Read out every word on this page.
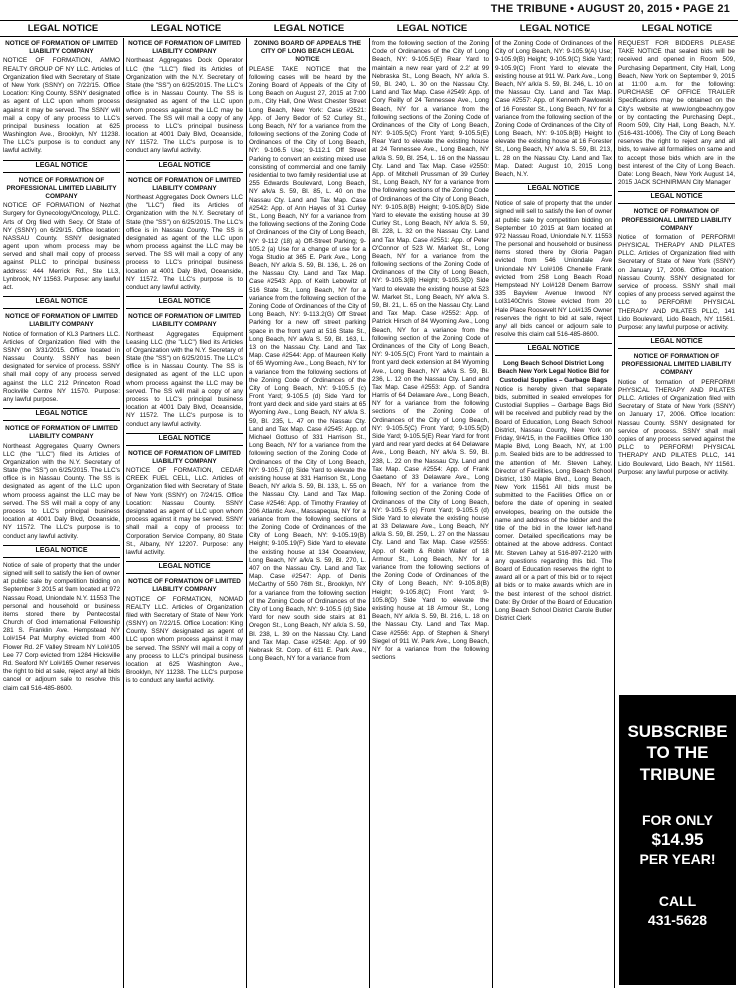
THE TRIBUNE • AUGUST 20, 2015 • PAGE 21
LEGAL NOTICE	LEGAL NOTICE	LEGAL NOTICE	LEGAL NOTICE	LEGAL NOTICE	LEGAL NOTICE
NOTICE OF FORMATION OF LIMITED LIABILITY COMPANY

NOTICE OF FORMATION, AMMO REALTY GROUP OF NY LLC. Articles of Organization filed with Secretary of State of New York (SSNY) on 7/22/15. Office Location: King County. SSNY designated as agent of LLC upon whom process against it may be served. The SSNY will mail a copy of any process to LLC's principal business location at 625 Washington Ave., Brooklyn, NY 11238. The LLC's purpose is to conduct any lawful activity.

LEGAL NOTICE
NOTICE OF FORMATION OF PROFESSIONAL LIMITED LIABILITY COMPANY

NOTICE OF FORMATION of Nezhat Surgery for Gynecology/Oncology, PLLC. Arts of Org filed with Secy. Of State of NY (SSNY) on 6/29/15. Office location: NASSAU County. SSNY designated agent upon whom process may be served and shall mail copy of process against PLLC to principal business address: 444 Merrick Rd., Ste LL3, Lynbrook, NY 11563. Purpose: any lawful act.

LEGAL NOTICE
NOTICE OF FORMATION OF LIMITED LIABILITY COMPANY

Notice of formation of KL3 Partners LLC. Articles of Organization filed with the SSNY on 3/31/2015. Office located in Nassau County. SSNY has been designated for service of process. SSNY shall mail copy of any process served against the LLC 212 Princeton Road Rockville Centre NY 11570. Purpose: any lawful purpose.

LEGAL NOTICE
NOTICE OF FORMATION OF LIMITED LIABILITY COMPANY

Northeast Aggregates Quarry Owners LLC (the "LLC") filed its Articles of Organization with the N.Y. Secretary of State (the "SS") on 6/25/2015. The LLC's office is in Nassau County. The SS is designated as agent of the LLC upon whom process against the LLC may be served. The SS will mail a copy of any process to LLC's principal business location at 4001 Daly Blvd, Oceanside, NY 11572. The LLC's purpose is to conduct any lawful activity.

LEGAL NOTICE

Notice of sale of property that the under signed will sell to satisfy the lien of owner at public sale by competition bidding on September 3 2015 at 9am located at 972 Nassau Road, Uniondale N.Y. 11553 The personal and household or business items stored there by Pentecostal Church of God international Fellowship 281 S. Franklin Ave. Hempstead NY Lol#154 Pat Murphy evicted from 400 Flower Rd. 2F Valley Stream NY Lol#105 Lee 77 Corp evicted from 1284 Hicksville Rd. Seaford NY Lol#165 Owner reserves the right to bid at sale, reject any/ all bids cancel or adjourn sale to resolve this claim call 516-485-8600.

NOTICE OF FORMATION OF LIMITED LIABILITY COMPANY

Northeast Aggregates Dock Operator LLC (the "LLC") filed its Articles of Organization with the N.Y. Secretary of State (the "SS") on 6/25/2015. The LLC's office is in Nassau County. The SS is designated as agent of the LLC upon whom process against the LLC may be served. The SS will mail a copy of any process to LLC's principal business location at 4001 Daly Blvd, Oceanside, NY 11572. The LLC's purpose is to conduct any lawful activity.

LEGAL NOTICE
NOTICE OF FORMATION OF LIMITED LIABILITY COMPANY

Northeast Aggregates Dock Owners LLC (the "LLC") filed its Articles of Organization with the N.Y. Secretary of State (the "SS") on 6/25/2015. The LLC's office is in Nassau County. The SS is designated as agent of the LLC upon whom process against the LLC may be served. The SS will mail a copy of any process to LLC's principal business location at 4001 Daly Blvd, Oceanside, NY 11572. The LLC's purpose is to conduct any lawful activity.

LEGAL NOTICE
NOTICE OF FORMATION OF LIMITED LIABILITY COMPANY

Northeast Aggregates Equipment Leasing LLC (the "LLC") filed its Articles of Organization with the N.Y. Secretary of State (the "SS") on 6/25/2015. The LLC's office is in Nassau County. The SS is designated as agent of the LLC upon whom process against the LLC may be served. The SS will mail a copy of any process to LLC's principal business location at 4001 Daly Blvd, Oceanside, NY 11572. The LLC's purpose is to conduct any lawful activity.

LEGAL NOTICE
NOTICE OF FORMATION OF LIMITED LIABILITY COMPANY

NOTICE OF FORMATION, CEDAR CREEK FUEL CELL, LLC. Articles of Organization filed with Secretary of State of New York (SSNY) on 7/24/15. Office Location: Nassau County. SSNY designated as agent of LLC upon whom process against it may be served. SSNY shall mail a copy of process to: Corporation Service Company, 80 State St., Albany, NY 12207. Purpose: any lawful activity.

LEGAL NOTICE
NOTICE OF FORMATION OF LIMITED LIABILITY COMPANY

NOTICE OF FORMATION, NOMAD REALTY LLC. Articles of Organization filed with Secretary of State of New York (SSNY) on 7/22/15. Office Location: King County. SSNY designated as agent of LLC upon whom process against it may be served. The SSNY will mail a copy of any process to LLC's principal business location at 625 Washington Ave., Brooklyn, NY 11238. The LLC's purpose is to conduct any lawful activity.

ZONING BOARD OF APPEALS THE CITY OF LONG BEACH LEGAL NOTICE

PLEASE TAKE NOTICE that the following cases will be heard by the Zoning Board of Appeals of the City of Long Beach on August 27, 2015 at 7:00 p.m., City Hall, One West Chester Street Long Beach, New York: Case #2521: App. of Jerry Bedor of 52 Curley St., Long Beach, NY for a variance from the following sections of the Zoning Code of Ordinances of the City of Long Beach, NY: 9-106.5 Use; 9-112.1 Off Street Parking to convert an existing mixed use consisting of commercial and one family residential to two family residential use at 255 Edwards Boulevard, Long Beach, NY a/k/a S. 59, Bl. 85, L. 40 on the Nassau Cty. Land and Tax Map. Case #2542: App. of Ann Hayes of 31 Curley St., Long Beach, NY for a variance from the following sections of the Zoning Code of Ordinances of the City of Long Beach, NY: 9-112 (18) a) Off-Street Parking; 9-105.2 (a) Use for a change of use for a Yoga Studio at 365 E. Park Ave., Long Beach, NY a/k/a S. 59, Bl. 136, L. 26 on the Nassau Cty. Land and Tax Map. Case #2543: App. of Keith Lebowitz of 516 State St., Long Beach, NY for a variance from the following section of the Zoning Code of Ordinances of the City of Long Beach, NY: 9-113.2(G) Off Street Parking for a new off street parking space in the front yard at 516 State St., Long Beach, NY a/k/a S. 59, Bl. 163, L. 13 on the Nassau Cty. Land and Tax Map. Case #2544: App. of Maureen Kelly of 65 Wyoming Ave., Long Beach, NY for a variance from the following sections of the Zoning Code of Ordinances of the City of Long Beach, NY: 9-105.5 (c) Front Yard; 9-105.5 (d) Side Yard for front yard deck and side yard stairs at 65 Wyoming Ave., Long Beach, NY a/k/a S. 59, Bl. 235, L. 47 on the Nassau Cty. Land and Tax Map. Case #2545: App. of Michael Gottuso of 331 Harrison St., Long Beach, NY for a variance from the following section of the Zoning Code of Ordinances of the City of Long Beach, NY: 9-105.7 (d) Side Yard to elevate the existing house at 331 Harrison St., Long Beach, NY a/k/a S. 59, Bl. 133, L. 55 on the Nassau Cty. Land and Tax Map. Case #2546: App. of Timothy Frawley of 206 Atlantic Ave., Massapequa, NY for a variance from the following sections of the Zoning Code of Ordinances of the City of Long Beach, NY: 9-105.19(B) Height; 9-105.19(F) Side Yard to elevate the existing house at 134 Oceanview, Long Beach, NY a/k/a S. 59, Bl. 270, L. 407 on the Nassau Cty. Land and Tax Map. Case #2547: App. of Denis McCarthy of 550 76th St., Brooklyn, NY for a variance from the following section of the Zoning Code of Ordinances of the City of Long Beach, NY: 9-105.5 (d) Side Yard for new south side stairs at 81 Oregon St., Long Beach, NY a/k/a S. 59, Bl. 238, L. 39 on the Nassau Cty. Land and Tax Map. Case #2548: App. of 99 Nebrask St. Corp. of 611 E. Park Ave., Long Beach, NY for a variance from

from the following section of the Zoning Code of Ordinances of the City of Long Beach, NY: 9-105.5(E) Rear Yard to maintain a new rear yard of 2.2' at 99 Nebraska St., Long Beach, NY a/k/a S. 59, Bl. 240, L. 30 on the Nassau Cty. Land and Tax Map. Case #2549: App. of Cory Reilly of 24 Tennessee Ave., Long Beach, NY for a variance from the following sections of the Zoning Code of Ordinances of the City of Long Beach, NY: 9-105.5(C) Front Yard; 9-105.5(E) Rear Yard to elevate the existing house at 24 Tennessee Ave., Long Beach, NY a/k/a S. 59, Bl. 254, L. 16 on the Nassau Cty. Land and Tax Map. Case #2550: App. of Mitchell Prussman of 39 Curley St., Long Beach, NY for a variance from the following sections of the Zoning Code of Ordinances of the City of Long Beach, NY: 9-105.8(B) Height; 9-105.8(D) Side Yard to elevate the existing house at 39 Curley St., Long Beach, NY a/k/a S. 59, Bl. 228, L. 32 on the Nassau Cty. Land and Tax Map. Case #2551: App. of Peter O'Connor of 523 W. Market St., Long Beach, NY for a variance from the following sections of the Zoning Code of Ordinances of the City of Long Beach, NY: 9-105.3(B) Height; 9-105.3(D) Side Yard to elevate the existing house at 523 W. Market St., Long Beach, NY a/k/a S. 59, Bl. 21, L. 65 on the Nassau Cty. Land and Tax Map. Case #2552: App. of Patrick Hirsch of 84 Wyoming Ave., Long Beach, NY for a variance from the following section of the Zoning Code of Ordinances of the City of Long Beach, NY: 9-105.5(C) Front Yard to maintain a front yard deck extension at 84 Wyoming Ave., Long Beach, NY a/k/a S. 59, Bl. 236, L. 12 on the Nassau Cty. Land and Tax Map. Case #2553: App. of Sandra Harris of 64 Delaware Ave., Long Beach, NY for a variance from the following sections of the Zoning Code of Ordinances of the City of Long Beach, NY: 9-105.5(C) Front Yard; 9-105.5(D) Side Yard; 9-105.5(E) Rear Yard for front yard and rear yard decks at 64 Delaware Ave., Long Beach, NY a/k/a S. 59, Bl. 238, L. 22 on the Nassau Cty. Land and Tax Map. Case #2554: App. of Frank Gaetano of 33 Delaware Ave., Long Beach, NY for a variance from the following section of the Zoning Code of Ordinances of the City of Long Beach, NY: 9-105.5 (c) Front Yard; 9-105.5 (d) Side Yard to elevate the existing house at 33 Delaware Ave., Long Beach, NY a/k/a S. 59, Bl. 259, L. 27 on the Nassau Cty. Land and Tax Map. Case #2555: App. of Keith & Robin Waller of 18 Armour St., Long Beach, NY for a variance from the following sections of the Zoning Code of Ordinances of the City of Long Beach, NY: 9-105.8(B) Height; 9-105.8(C) Front Yard; 9-105.8(D) Side Yard to elevate the existing house at 18 Armour St., Long Beach, NY a/k/a S. 59, Bl. 216, L. 18 on the Nassau Cty. Land and Tax Map. Case #2556: App. of Stephen & Sheryl Siegel of 911 W. Park Ave., Long Beach, NY for a variance from the following sections

of the Zoning Code of Ordinances of the City of Long Beach, NY: 9-105.9(A) Use; 9-105.9(B) Height; 9-105.9(C) Side Yard; 9-105.9(C) Front Yard to elevate the existing house at 911 W. Park Ave., Long Beach, NY a/k/a S. 59, Bl. 246, L. 10 on the Nassau Cty. Land and Tax Map. Case #2557: App. of Kenneth Pawlowski of 16 Forester St., Long Beach, NY for a variance from the following section of the Zoning Code of Ordinances of the City of Long Beach, NY: 9-105.8(B) Height to elevate the existing house at 16 Forester St., Long Beach, NY a/k/a S. 59, Bl. 213, L. 28 on the Nassau Cty. Land and Tax Map. Dated: August 10, 2015 Long Beach, N.Y.

LEGAL NOTICE

Notice of sale of property that the under signed will sell to satisfy the lien of owner at public sale by competition bidding on September 10 2015 at 9am located at 972 Nassau Road, Uniondale N.Y. 11553 The personal and household or business items stored there by Gloria Pagan evicted from 546 Uniondale Ave Uniondale NY Lol#106 Chenelle Frank evicted from 258 Long Beach Road Hempstead NY Lol#128 Denem Barrow 335 Bayview Avenue Inwood NY Lol3140Chris Stowe evicted from 20 Hale Place Roosevelt NY Lol#135 Owner reserves the right to bid at sale, reject any/ all bids cancel or adjourn sale to resolve this claim call 516-485-8600.

LEGAL NOTICE
Long Beach School District Long Beach New York Legal Notice Bid for Custodial Supplies – Garbage Bags

Notice is hereby given that separate bids, submitted in sealed envelopes for Custodial Supplies – Garbage Bags Bid will be received and publicly read by the Board of Education, Long Beach School District, Nassau County, New York on Friday, 9/4/15, in the Facilities Office 130 Maple Blvd, Long Beach, NY, at 1:00 p.m. Sealed bids are to be addressed to the attention of Mr. Steven Lahey, Director of Facilities, Long Beach School District, 130 Maple Blvd., Long Beach, New York 11561 All bids must be submitted to the Facilities Office on or before the date of opening in sealed envelopes, bearing on the outside the name and address of the bidder and the title of the bid in the lower left-hand corner. Detailed specifications may be obtained at the above address. Contact Mr. Steven Lahey at 516-897-2120 with any questions regarding this bid. The Board of Education reserves the right to award all or a part of this bid or to reject all bids or to make awards which are in the best interest of the school district. Date: By Order of the Board of Education Long Beach School District Carole Butler District Clerk

REQUEST FOR BIDDERS PLEASE TAKE NOTICE that sealed bids will be received and opened in Room 509, Purchasing Department, City Hall, Long Beach, New York on September 9, 2015 at 11:00 a.m. for the following: PURCHASE OF OFFICE TRAILER Specifications may be obtained on the City's website at www.longbeachny.gov or by contacting the Purchasing Dept., Room 509, City Hall, Long Beach, N.Y. (516-431-1006). The City of Long Beach reserves the right to reject any and all bids, to waive all formalities on same and to accept those bids which are in the best interest of the City of Long Beach. Date: Long Beach, New York August 14, 2015 JACK SCHNIRMAN City Manager

LEGAL NOTICE
NOTICE OF FORMATION OF PROFESSIONAL LIMITED LIABILITY COMPANY

Notice of formation of PERFORM! PHYSICAL THERAPY AND PILATES PLLC. Articles of Organization filed with Secretary of State of New York (SSNY) on January 17, 2006. Office location: Nassau County. SSNY designated for service of process. SSNY shall mail copies of any process served against the LLC to PERFORM! PHYSICAL THERAPY AND PILATES PLLC, 141 Lido Boulevard, Lido Beach, NY 11561. Purpose: any lawful purpose or activity.

LEGAL NOTICE
NOTICE OF FORMATION OF PROFESSIONAL LIMITED LIABILITY COMPANY

Notice of formation of PERFORM! PHYSICAL THERAPY AND PILATES PLLC. Articles of Organization filed with Secretary of State of New York (SSNY) on January 17, 2006. Office location: Nassau County. SSNY designated for service of process. SSNY shall mail copies of any process served against the PLLC to PERFORM! PHYSICAL THERAPY AND PILATES PLLC, 141 Lido Boulevard, Lido Beach, NY 11561. Purpose: any lawful purpose or activity.

SUBSCRIBE
TO THE
TRIBUNE
FOR ONLY
$14.95
PER YEAR!
CALL
431-5628
